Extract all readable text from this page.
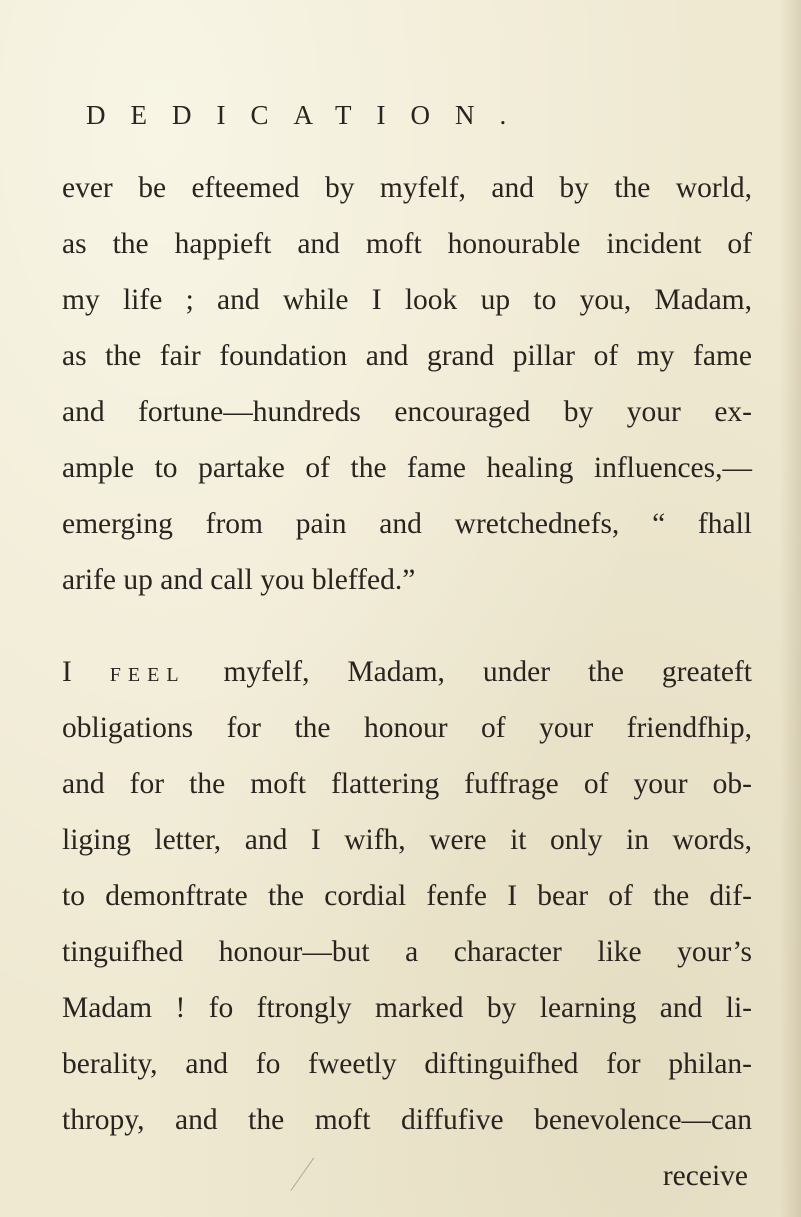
DEDICATION.
ever be efteemed by myfelf, and by the world,
as the happieft and moft honourable incident of
my life ; and while I look up to you, Madam,
as the fair foundation and grand pillar of my fame
and fortune—hundreds encouraged by your ex-
ample to partake of the fame healing influences,—
emerging from pain and wretchednefs, “ fhall
arife up and call you bleffed.”
I FEEL myfelf, Madam, under the greateft
obligations for the honour of your friendfhip,
and for the moft flattering fuffrage of your ob-
liging letter, and I wifh, were it only in words,
to demonftrate the cordial fenfe I bear of the dif-
tinguifhed honour—but a character like your’s
Madam ! fo ftrongly marked by learning and li-
berality, and fo fweetly diftinguifhed for philan-
thropy, and the moft diffufive benevolence—can
receive
